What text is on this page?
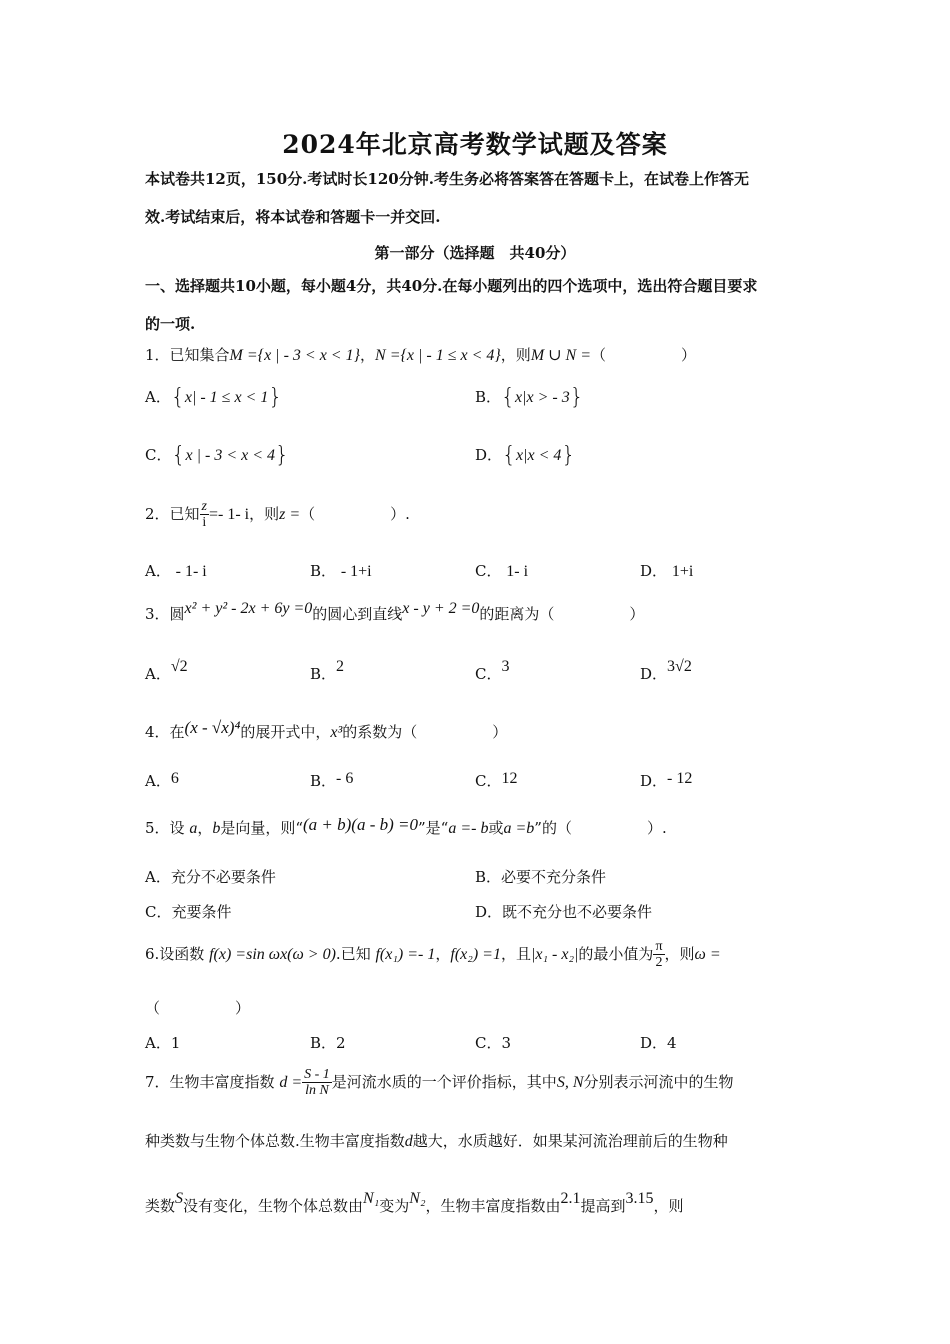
2024年北京高考数学试题及答案
本试卷共12页，150分.考试时长120分钟.考生务必将答案答在答题卡上，在试卷上作答无
效.考试结束后，将本试卷和答题卡一并交回.
第一部分（选择题　共40分）
一、选择题共10小题，每小题4分，共40分.在每小题列出的四个选项中，选出符合题目要求
的一项.
1．已知集合M ={x | - 3 < x < 1}，N ={x | - 1 ≤ x < 4}，则M ∪ N =（　　　　　）
A．{x| - 1 ≤ x < 1}	B．{x|x > - 3}
C．{x | - 3 < x < 4}	D．{x|x < 4}
2．已知 $\frac{z}{i} =- 1-$ i，则z =（　　　　　）.
A． - 1- i	B． - 1+i	C． 1- i	D． 1+i
3．圆x² + y² - 2x + 6y =0的圆心到直线x - y + 2 =0的距离为（　　　　　）
A．√2	B．2	C．3	D．3√2
4．在(x - √x)⁴的展开式中，x³的系数为（　　　　　）
A．6	B．- 6	C．12	D．- 12
5．设 a，b是向量，则“(a + b)(a - b) =0”是“a =- b或a =b”的（　　　　　）.
A．充分不必要条件	B．必要不充分条件
C．充要条件	D．既不充分也不必要条件
6.设函数 f(x) =sin ωx(ω > 0).已知 f(x₁) =- 1，f(x₂) =1，且|x₁ - x₂|的最小值为 $\frac{\pi}{2}$ ，则ω =
（　　　　　）
A．1	B．2	C．3	D．4
7．生物丰富度指数 $d = \frac{S - 1}{\text{ln N}}$ 是河流水质的一个评价指标，其中S, N分别表示河流中的生物
种类数与生物个体总数.生物丰富度指数d越大，水质越好．如果某河流治理前后的生物种
类数S没有变化，生物个体总数由N₁变为N₂，生物丰富度指数由2.1提高到3.15，则
